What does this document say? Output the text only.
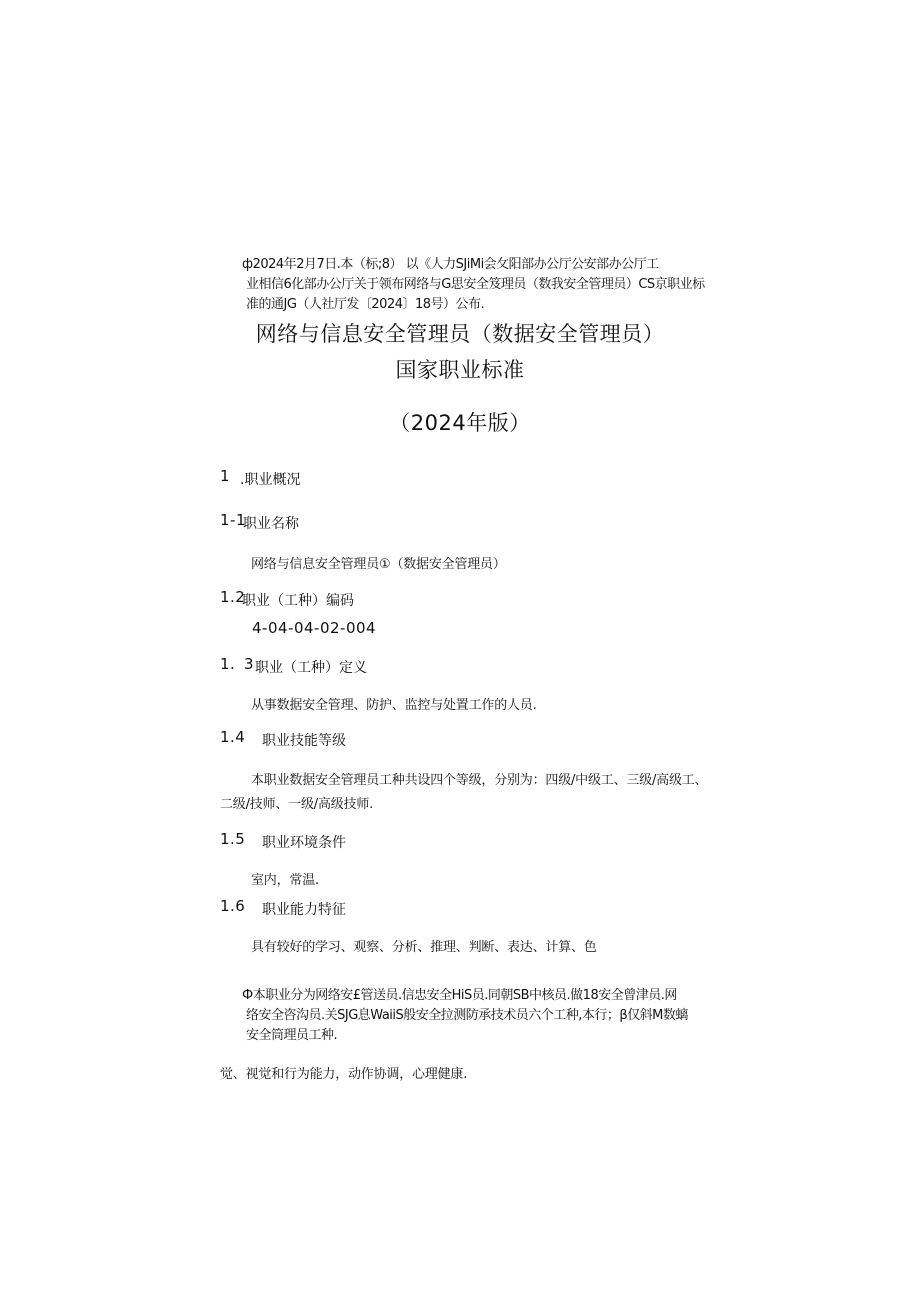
ф2024年2月7日.本（标;8） 以《人力SJiMi会攵阳部办公厅公安部办公厅工
业相信6化部办公厅关于领布网络与G思安全笈理员（数我安全管理员）CS京职业标
准的通JG（人社厅发〔2024〕18号）公布.
网络与信息安全管理员（数据安全管理员）
国家职业标准
（2024年版）
1 .职业概况
1-1
职业名称
网络与信息安全管理员①（数据安全管理员）
1.2
职业（工种）编码
4-04-04-02-004
1. 3 职业（工种）定义
从事数据安全管理、防护、监控与处置工作的人员.
1.4 职业技能等级
本职业数据安全管理员工种共设四个等级，分别为：四级/中级工、三级/高级工、
二级/技师、一级/高级技师.
1.5 职业环境条件
室内，常温.
1.6 职业能力特征
具有较好的学习、观察、分析、推理、判断、表达、计算、色
Ф本职业分为网络安£管送员.信忠安全HiS员.同朝SB中核员.做18安全曾津员.网
络安全咨沟员.关SJG息WaiiS般安全拉测防承技术员六个工种,本行；β仅斜M数螭
安全筒理员工种.
觉、视觉和行为能力，动作协调，心理健康.
